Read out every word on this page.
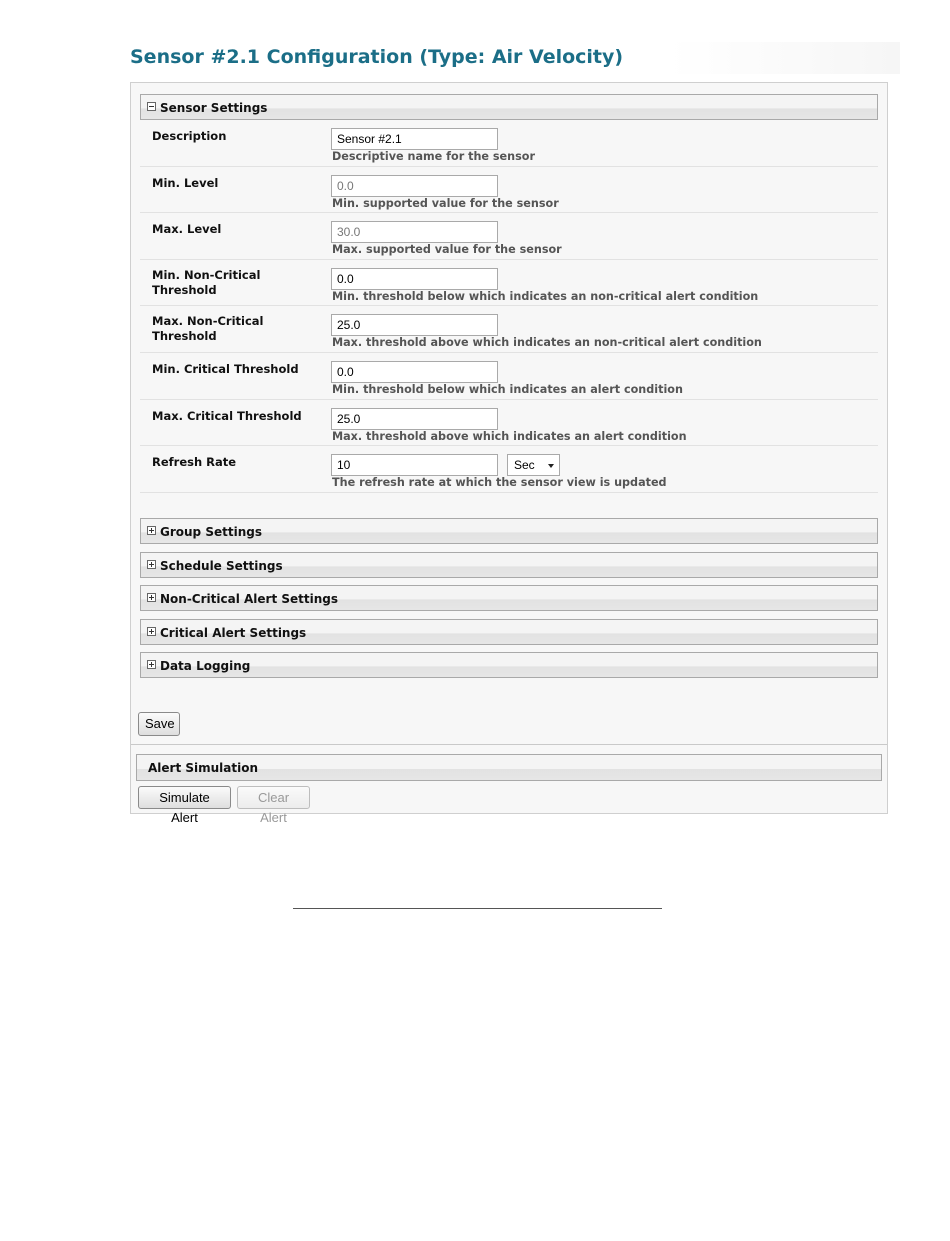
Sensor #2.1 Configuration (Type: Air Velocity)
Sensor Settings
Description
Sensor #2.1
Descriptive name for the sensor
Min. Level
0.0
Min. supported value for the sensor
Max. Level
30.0
Max. supported value for the sensor
Min. Non-Critical Threshold
0.0	Min. threshold below which indicates an non-critical alert condition
Max. Non-Critical Threshold
25.0	Max. threshold above which indicates an non-critical alert condition
Min. Critical Threshold
0.0
Min. threshold below which indicates an alert condition
Max. Critical Threshold
25.0
Max. threshold above which indicates an alert condition
Refresh Rate
10	Sec
The refresh rate at which the sensor view is updated
Group Settings
Schedule Settings
Non-Critical Alert Settings
Critical Alert Settings
Data Logging
Save
Alert Simulation
Simulate Alert
Clear Alert
